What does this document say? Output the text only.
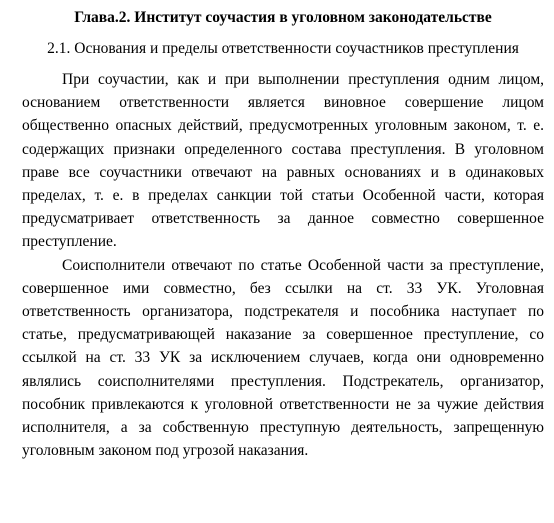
Глава.2. Институт соучастия в уголовном законодательстве
2.1. Основания и пределы ответственности соучастников преступления

При соучастии, как и при выполнении преступления одним лицом, основанием ответственности является виновное совершение лицом общественно опасных действий, предусмотренных уголовным законом, т. е. содержащих признаки определенного состава преступления. В уголовном праве все соучастники отвечают на равных основаниях и в одинаковых пределах, т. е. в пределах санкции той статьи Особенной части, которая предусматривает ответственность за данное совместно совершенное преступление.

Соисполнители отвечают по статье Особенной части за преступление, совершенное ими совместно, без ссылки на ст. 33 УК. Уголовная ответственность организатора, подстрекателя и пособника наступает по статье, предусматривающей наказание за совершенное преступление, со ссылкой на ст. 33 УК за исключением случаев, когда они одновременно являлись соисполнителями преступления. Подстрекатель, организатор, пособник привлекаются к уголовной ответственности не за чужие действия исполнителя, а за собственную преступную деятельность, запрещенную уголовным законом под угрозой наказания.
